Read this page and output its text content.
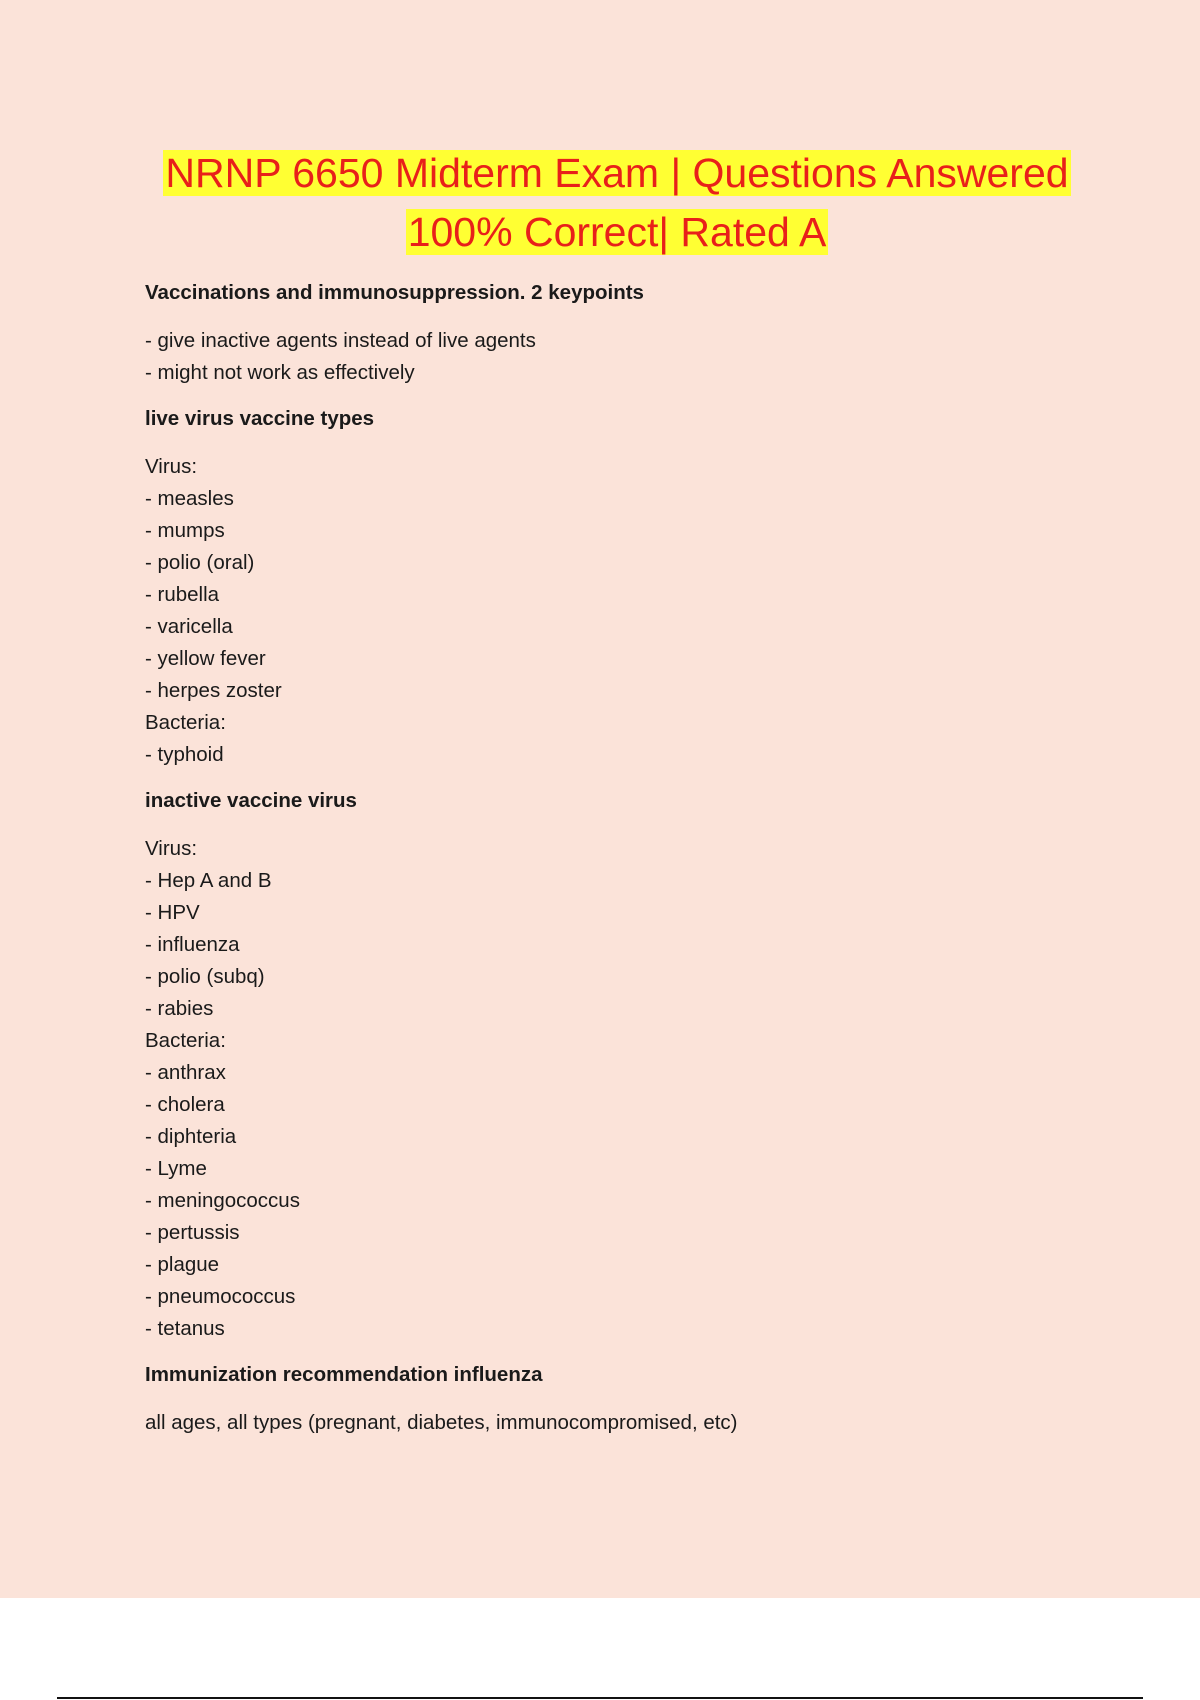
NRNP 6650 Midterm Exam | Questions Answered
100% Correct| Rated A
Vaccinations and immunosuppression. 2 keypoints
- give inactive agents instead of live agents
- might not work as effectively
live virus vaccine types
Virus:
- measles
- mumps
- polio (oral)
- rubella
- varicella
- yellow fever
- herpes zoster
Bacteria:
- typhoid
inactive vaccine virus
Virus:
- Hep A and B
- HPV
- influenza
- polio (subq)
- rabies
Bacteria:
- anthrax
- cholera
- diphteria
- Lyme
- meningococcus
- pertussis
- plague
- pneumococcus
- tetanus
Immunization recommendation influenza
all ages, all types (pregnant, diabetes, immunocompromised, etc)
